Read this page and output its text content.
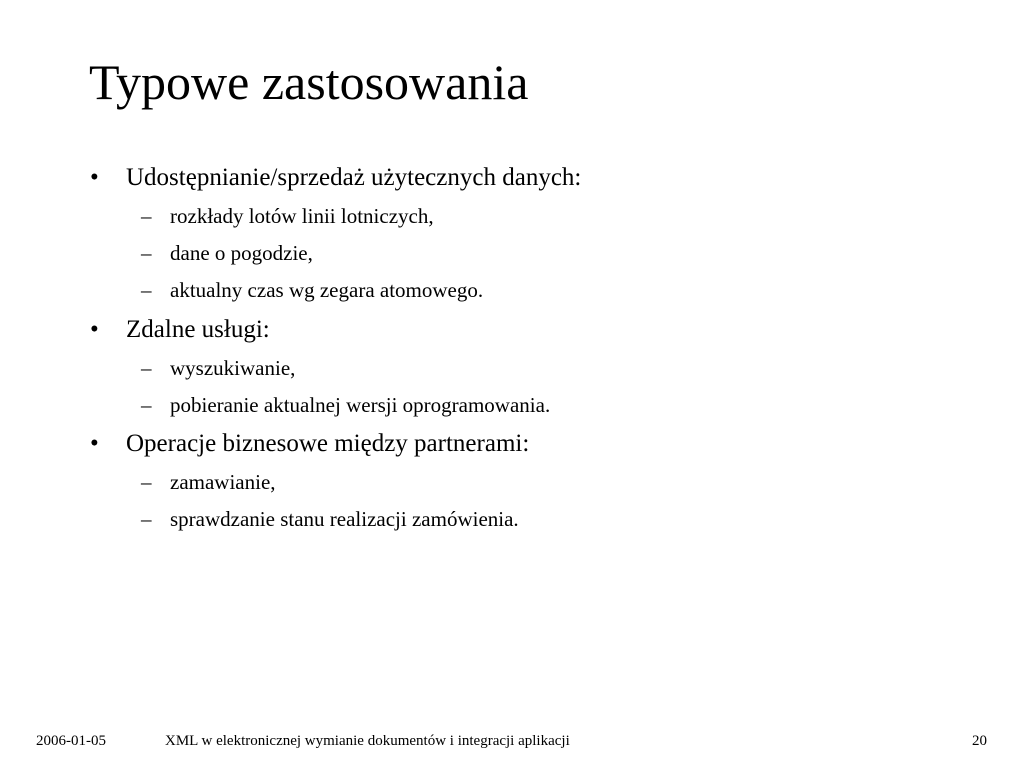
Typowe zastosowania
• Udostępnianie/sprzedaż użytecznych danych:
– rozkłady lotów linii lotniczych,
– dane o pogodzie,
– aktualny czas wg zegara atomowego.
• Zdalne usługi:
– wyszukiwanie,
– pobieranie aktualnej wersji oprogramowania.
• Operacje biznesowe między partnerami:
– zamawianie,
– sprawdzanie stanu realizacji zamówienia.
2006-01-05	XML w elektronicznej wymianie dokumentów i integracji aplikacji	20
